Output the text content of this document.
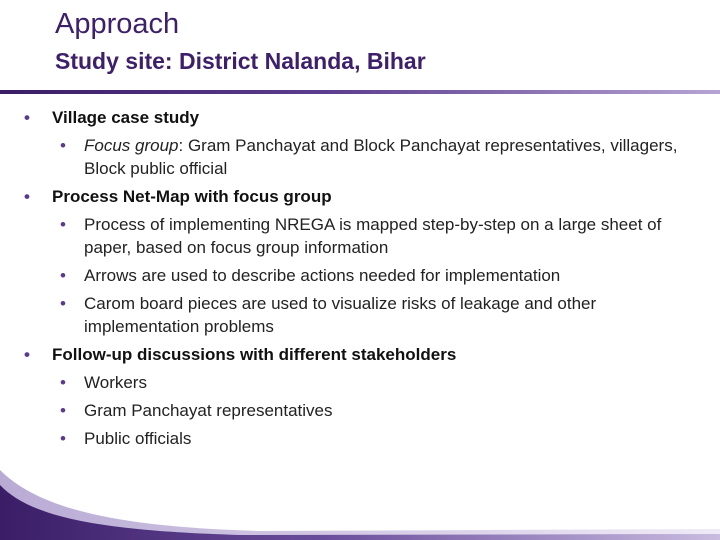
Approach
Study site: District Nalanda, Bihar
• Village case study
• Focus group: Gram Panchayat and Block Panchayat representatives, villagers, Block public official
• Process Net-Map with focus group
• Process of implementing NREGA is mapped step-by-step on a large sheet of paper, based on focus group information
• Arrows are used to describe actions needed for implementation
• Carom board pieces are used to visualize risks of leakage and other implementation problems
• Follow-up discussions with different stakeholders
• Workers
• Gram Panchayat representatives
• Public officials
